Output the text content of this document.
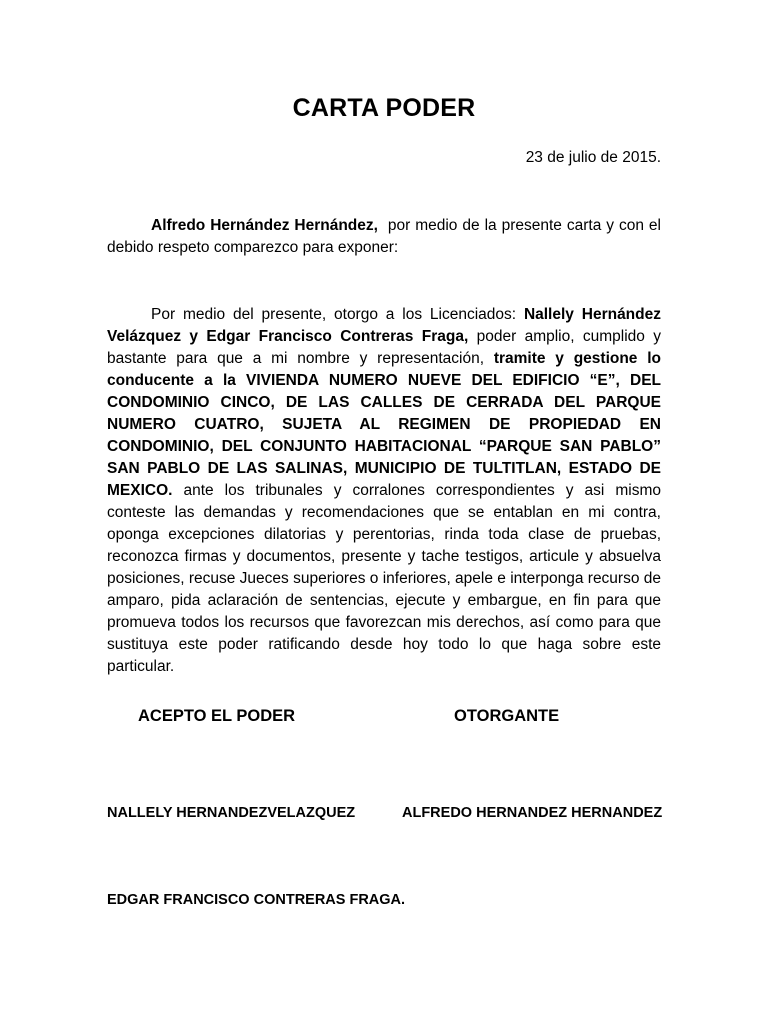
CARTA PODER
23 de julio de 2015.

Alfredo Hernández Hernández,  por medio de la presente carta y con el debido respeto comparezco para exponer:

Por medio del presente, otorgo a los Licenciados: Nallely Hernández Velázquez y Edgar Francisco Contreras Fraga, poder amplio, cumplido y bastante para que a mi nombre y representación, tramite y gestione lo conducente a la VIVIENDA NUMERO NUEVE DEL EDIFICIO “E”, DEL CONDOMINIO CINCO, DE LAS CALLES DE CERRADA DEL PARQUE NUMERO CUATRO, SUJETA AL REGIMEN DE PROPIEDAD EN CONDOMINIO, DEL CONJUNTO HABITACIONAL “PARQUE SAN PABLO” SAN PABLO DE LAS SALINAS, MUNICIPIO DE TULTITLAN, ESTADO DE MEXICO. ante los tribunales y corralones correspondientes y asi mismo conteste las demandas y recomendaciones que se entablan en mi contra, oponga excepciones dilatorias y perentorias, rinda toda clase de pruebas, reconozca firmas y documentos, presente y tache testigos, articule y absuelva posiciones, recuse Jueces superiores o inferiores, apele e interponga recurso de amparo, pida aclaración de sentencias, ejecute y embargue, en fin para que promueva todos los recursos que favorezcan mis derechos, así como para que sustituya este poder ratificando desde hoy todo lo que haga sobre este particular.

ACEPTO EL PODER	OTORGANTE
NALLELY HERNANDEZVELAZQUEZ	ALFREDO HERNANDEZ HERNANDEZ
EDGAR FRANCISCO CONTRERAS FRAGA.
